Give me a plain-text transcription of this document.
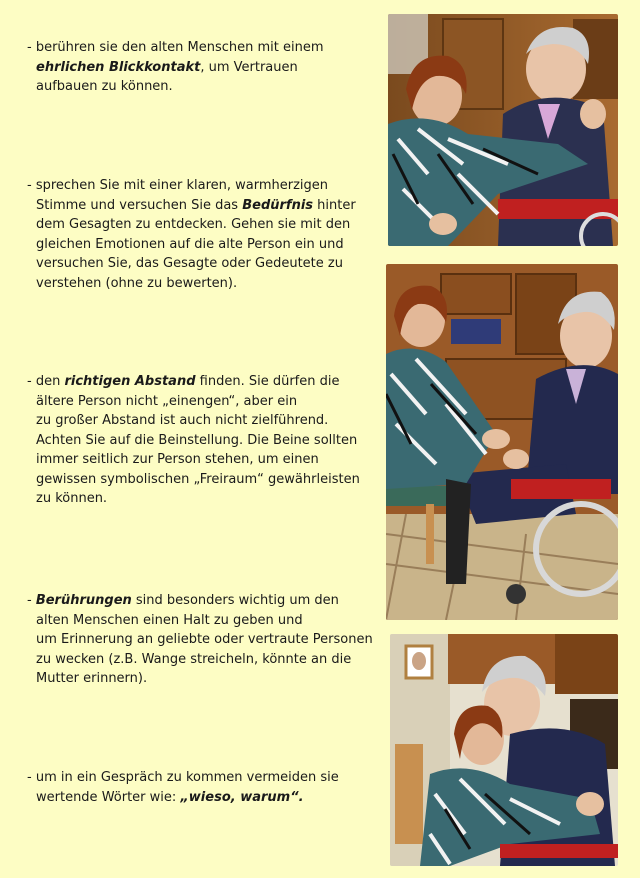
- berühren sie den alten Menschen mit einem
ehrlichen Blickkontakt, um Vertrauen
aufbauen zu können.
- sprechen Sie mit einer klaren, warmherzigen
Stimme und versuchen Sie das Bedürfnis hinter
dem Gesagten zu entdecken. Gehen sie mit den
gleichen Emotionen auf die alte Person ein und
versuchen Sie, das Gesagte oder Gedeutete zu
verstehen (ohne zu bewerten).
- den richtigen Abstand finden. Sie dürfen die
ältere Person nicht „einengen“, aber ein
zu großer Abstand ist auch nicht zielführend.
Achten Sie auf die Beinstellung. Die Beine sollten
immer seitlich zur Person stehen, um einen
gewissen symbolischen „Freiraum“ gewährleisten
zu können.
- Berührungen sind besonders wichtig um den
alten Menschen einen Halt zu geben und
um Erinnerung an geliebte oder vertraute Personen
zu wecken (z.B. Wange streicheln, könnte an die
Mutter erinnern).
- um in ein Gespräch zu kommen vermeiden sie
wertende Wörter wie: „wieso, warum“.
